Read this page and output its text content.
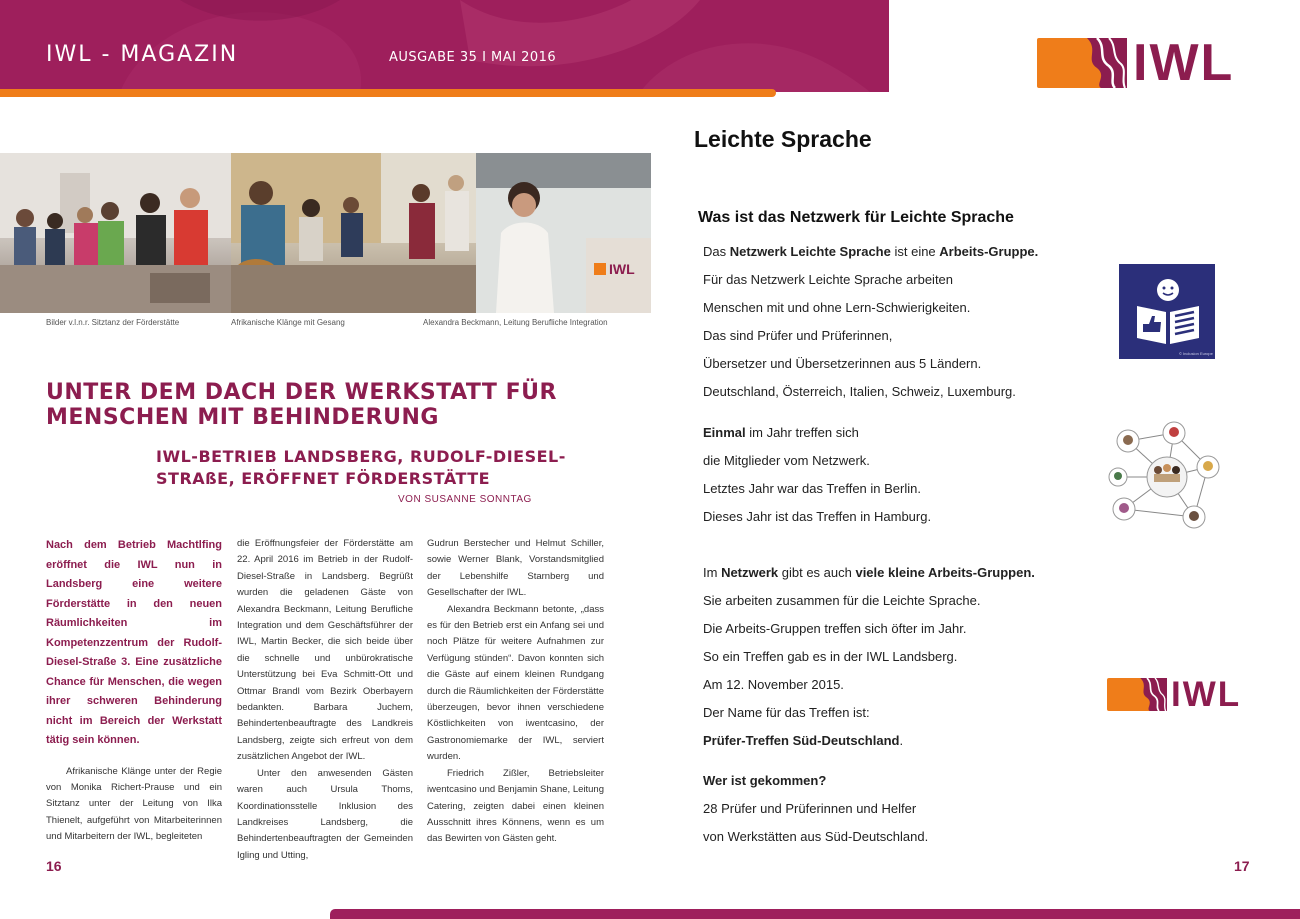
IWL - MAGAZIN	AUSGABE 35 I MAI 2016	IWL
IWL
Bilder v.l.n.r. Sitztanz der Förderstätte	Afrikanische Klänge mit Gesang	Alexandra Beckmann, Leitung Berufliche Integration
UNTER DEM DACH DER WERKSTATT FÜR MENSCHEN MIT BEHINDERUNG
IWL-BETRIEB LANDSBERG, RUDOLF-DIESEL-STRAßE, ERÖFFNET FÖRDERSTÄTTE
VON SUSANNE SONNTAG

Nach dem Betrieb Machtlfing eröffnet die IWL nun in Landsberg eine weitere Förderstätte in den neuen Räumlichkeiten im Kompetenzzentrum der Rudolf-Diesel-Straße 3. Eine zusätzliche Chance für Menschen, die wegen ihrer schweren Behinderung nicht im Bereich der Werkstatt tätig sein können.

Afrikanische Klänge unter der Regie von Monika Richert-Prause und ein Sitztanz unter der Leitung von Ilka Thienelt, aufgeführt von Mitarbeiterinnen und Mitarbeitern der IWL, begleiteten

die Eröffnungsfeier der Förderstätte am 22. April 2016 im Betrieb in der Rudolf-Diesel-Straße in Landsberg. Begrüßt wurden die geladenen Gäste von Alexandra Beckmann, Leitung Berufliche Integration und dem Geschäftsführer der IWL, Martin Becker, die sich beide über die schnelle und unbürokratische Unterstützung bei Eva Schmitt-Ott und Ottmar Brandl vom Bezirk Oberbayern bedankten. Barbara Juchem, Behindertenbeauftragte des Landkreis Landsberg, zeigte sich erfreut von dem zusätzlichen Angebot der IWL.

Unter den anwesenden Gästen waren auch Ursula Thoms, Koordinationsstelle Inklusion des Landkreises Landsberg, die Behindertenbeauftragten der Gemeinden Igling und Utting,

Gudrun Berstecher und Helmut Schiller, sowie Werner Blank, Vorstandsmitglied der Lebenshilfe Starnberg und Gesellschafter der IWL.

Alexandra Beckmann betonte, „dass es für den Betrieb erst ein Anfang sei und noch Plätze für weitere Aufnahmen zur Verfügung stünden“. Davon konnten sich die Gäste auf einem kleinen Rundgang durch die Räumlichkeiten der Förderstätte überzeugen, bevor ihnen verschiedene Köstlichkeiten von iwentcasino, der Gastronomiemarke der IWL, serviert wurden.

Friedrich Zißler, Betriebsleiter iwentcasino und Benjamin Shane, Leitung Catering, zeigten dabei einen kleinen Ausschnitt ihres Könnens, wenn es um das Bewirten von Gästen geht.

16
Leichte Sprache
Was ist das Netzwerk für Leichte Sprache
Das Netzwerk Leichte Sprache ist eine Arbeits-Gruppe.
Für das Netzwerk Leichte Sprache arbeiten
Menschen mit und ohne Lern-Schwierigkeiten.
Das sind Prüfer und Prüferinnen,
Übersetzer und Übersetzerinnen aus 5 Ländern.
Deutschland, Österreich, Italien, Schweiz, Luxemburg.
Einmal im Jahr treffen sich
die Mitglieder vom Netzwerk.
Letztes Jahr war das Treffen in Berlin.
Dieses Jahr ist das Treffen in Hamburg.
Im Netzwerk gibt es auch viele kleine Arbeits-Gruppen.
Sie arbeiten zusammen für die Leichte Sprache.
Die Arbeits-Gruppen treffen sich öfter im Jahr.
So ein Treffen gab es in der IWL Landsberg.
Am 12. November 2015.
Der Name für das Treffen ist:
Prüfer-Treffen Süd-Deutschland.
Wer ist gekommen?
28 Prüfer und Prüferinnen und Helfer
von Werkstätten aus Süd-Deutschland.
© Inclusion Europe
IWL
17
